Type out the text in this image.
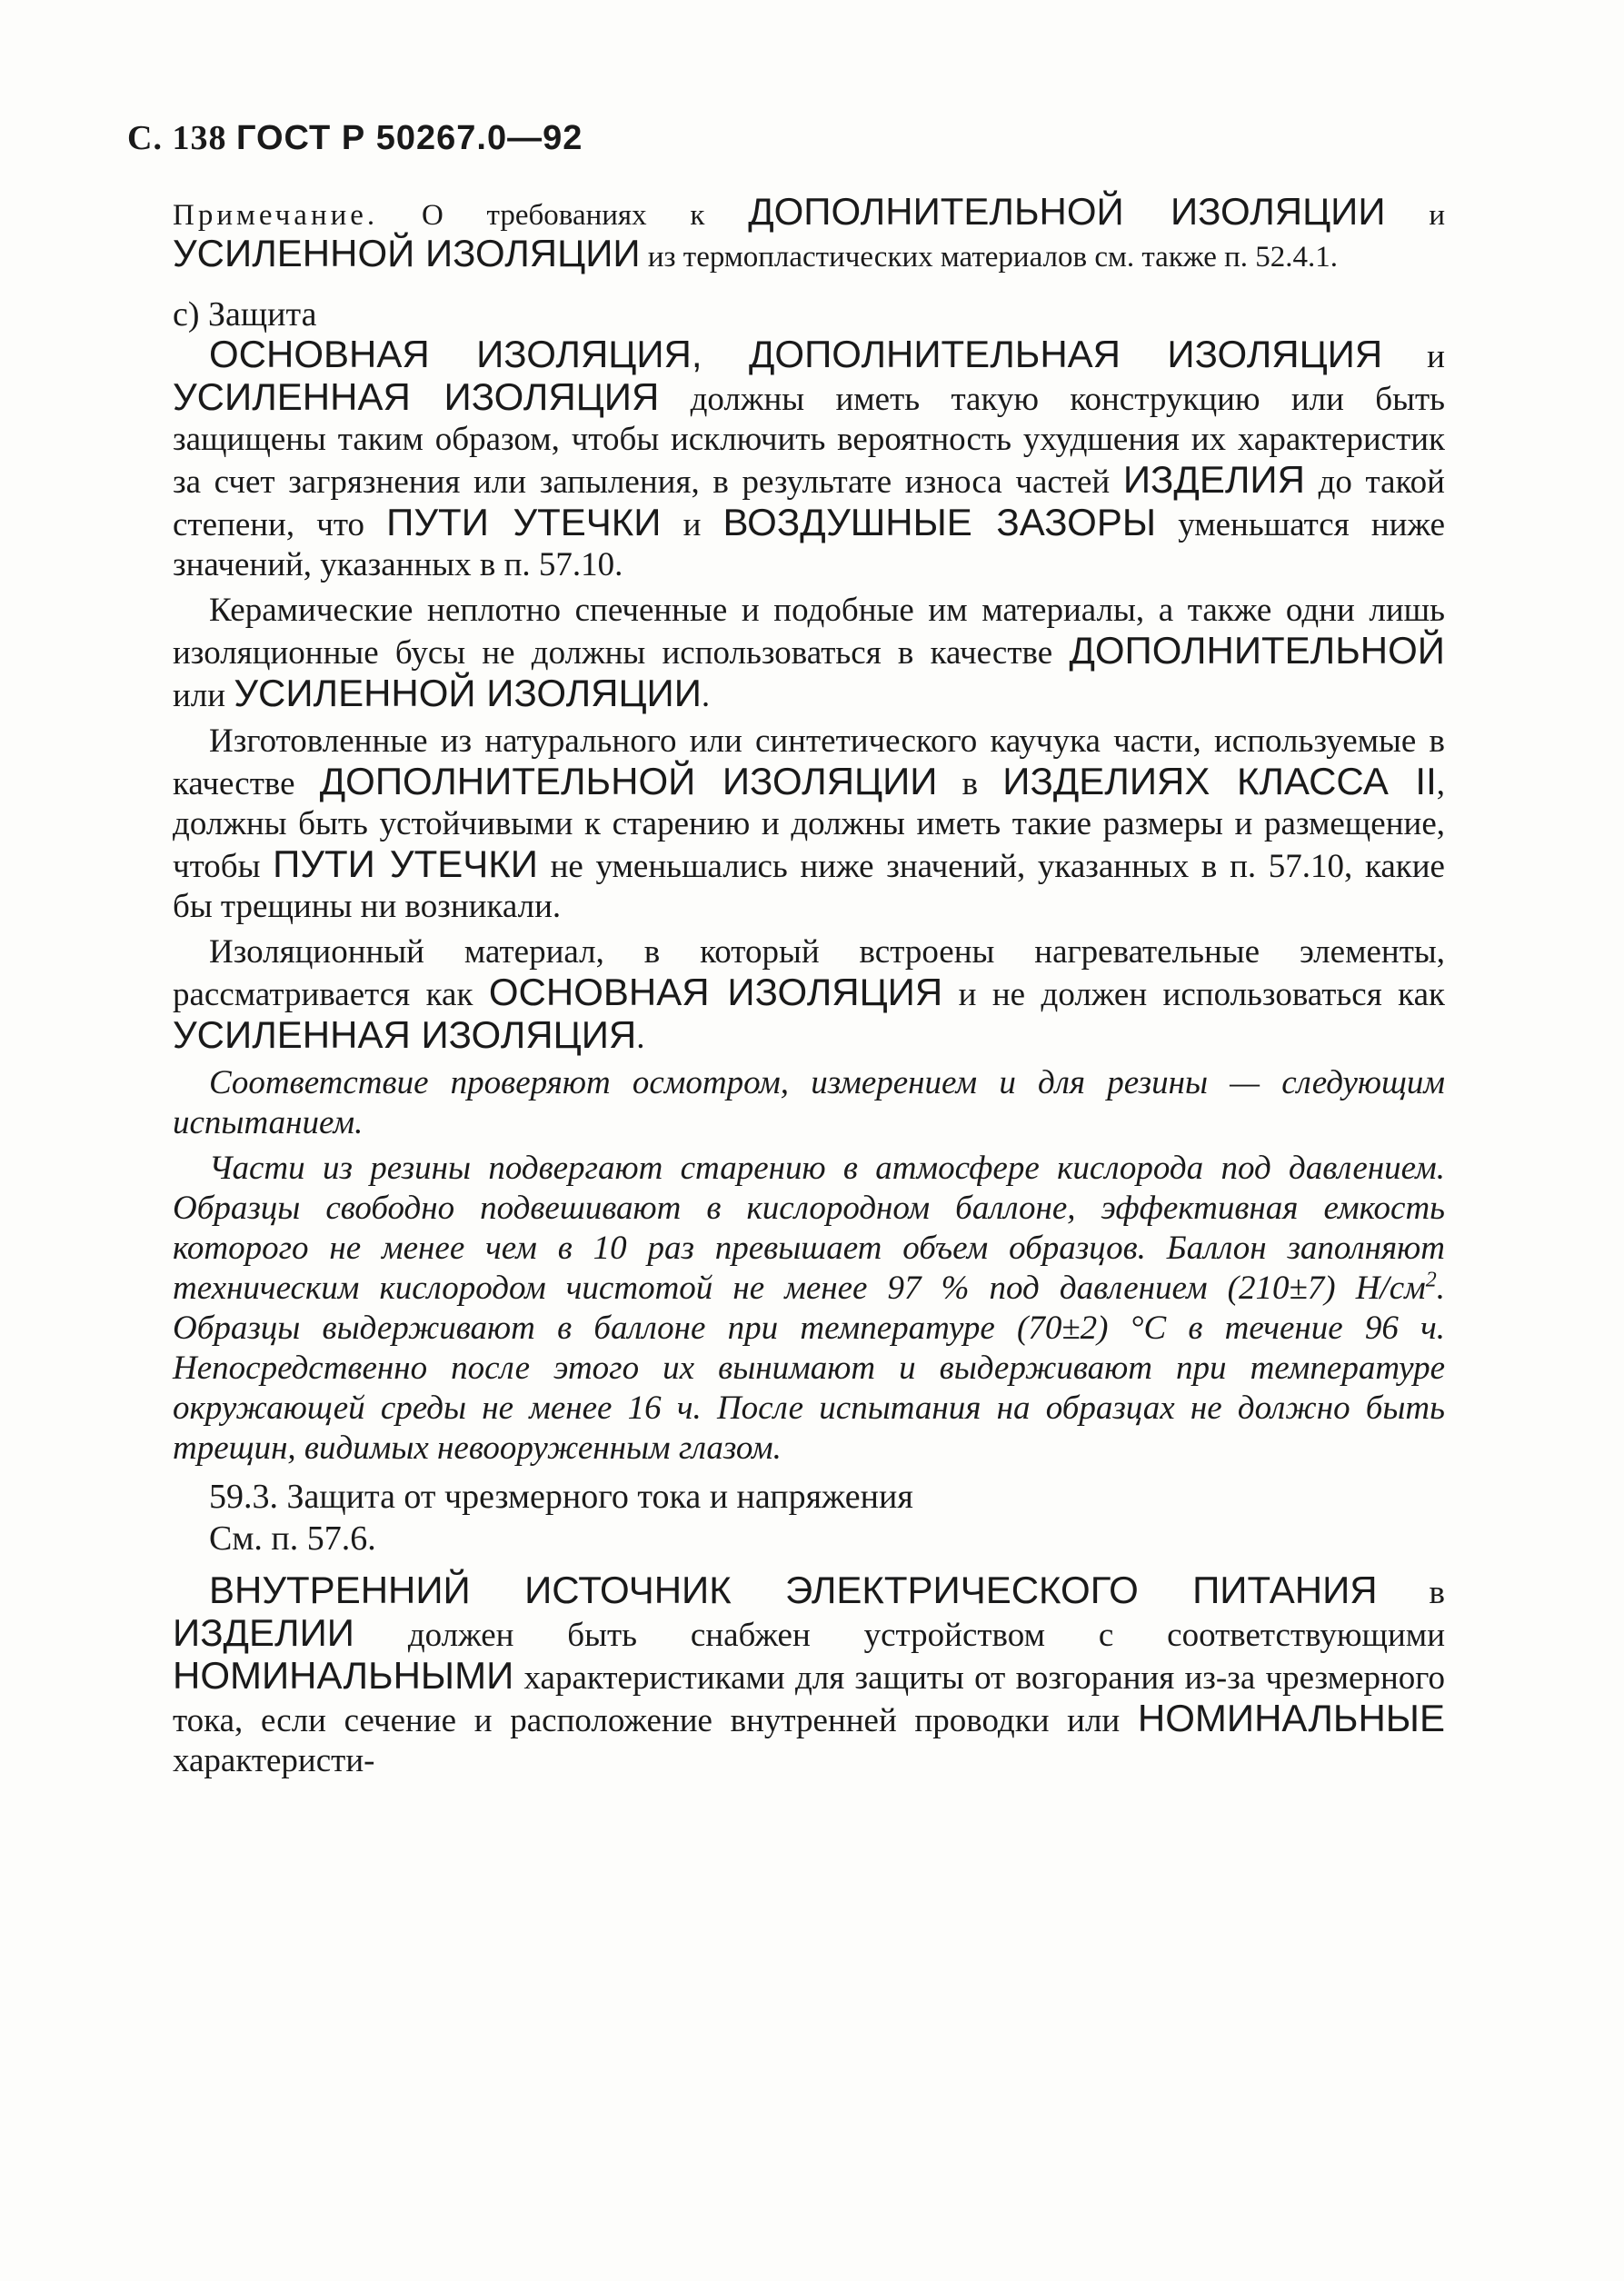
С. 138 ГОСТ Р 50267.0—92

Примечание. О требованиях к ДОПОЛНИТЕЛЬНОЙ ИЗОЛЯЦИИ и УСИЛЕННОЙ ИЗОЛЯЦИИ из термопластических материалов см. также п. 52.4.1.

с) Защита

ОСНОВНАЯ ИЗОЛЯЦИЯ, ДОПОЛНИТЕЛЬНАЯ ИЗОЛЯЦИЯ и УСИЛЕННАЯ ИЗОЛЯЦИЯ должны иметь такую конструкцию или быть защищены таким образом, чтобы исключить вероятность ухудшения их характеристик за счет загрязнения или запыления, в результате износа частей ИЗДЕЛИЯ до такой степени, что ПУТИ УТЕЧКИ и ВОЗДУШНЫЕ ЗАЗОРЫ уменьшатся ниже значений, указанных в п. 57.10.

Керамические неплотно спеченные и подобные им материалы, а также одни лишь изоляционные бусы не должны использоваться в качестве ДОПОЛНИТЕЛЬНОЙ или УСИЛЕННОЙ ИЗОЛЯЦИИ.

Изготовленные из натурального или синтетического каучука части, используемые в качестве ДОПОЛНИТЕЛЬНОЙ ИЗОЛЯЦИИ в ИЗДЕЛИЯХ КЛАССА II, должны быть устойчивыми к старению и должны иметь такие размеры и размещение, чтобы ПУТИ УТЕЧКИ не уменьшались ниже значений, указанных в п. 57.10, какие бы трещины ни возникали.

Изоляционный материал, в который встроены нагревательные элементы, рассматривается как ОСНОВНАЯ ИЗОЛЯЦИЯ и не должен использоваться как УСИЛЕННАЯ ИЗОЛЯЦИЯ.

Соответствие проверяют осмотром, измерением и для резины — следующим испытанием.

Части из резины подвергают старению в атмосфере кислорода под давлением. Образцы свободно подвешивают в кислородном баллоне, эффективная емкость которого не менее чем в 10 раз превышает объем образцов. Баллон заполняют техническим кислородом чистотой не менее 97 % под давлением (210±7) $Н/см^2$. Образцы выдерживают в баллоне при температуре (70±2) °С в течение 96 ч. Непосредственно после этого их вынимают и выдерживают при температуре окружающей среды не менее 16 ч. После испытания на образцах не должно быть трещин, видимых невооруженным глазом.

59.3. Защита от чрезмерного тока и напряжения

См. п. 57.6.

ВНУТРЕННИЙ ИСТОЧНИК ЭЛЕКТРИЧЕСКОГО ПИТАНИЯ в ИЗДЕЛИИ должен быть снабжен устройством с соответствующими НОМИНАЛЬНЫМИ характеристиками для защиты от возгорания из-за чрезмерного тока, если сечение и расположение внутренней проводки или НОМИНАЛЬНЫЕ характеристи-
